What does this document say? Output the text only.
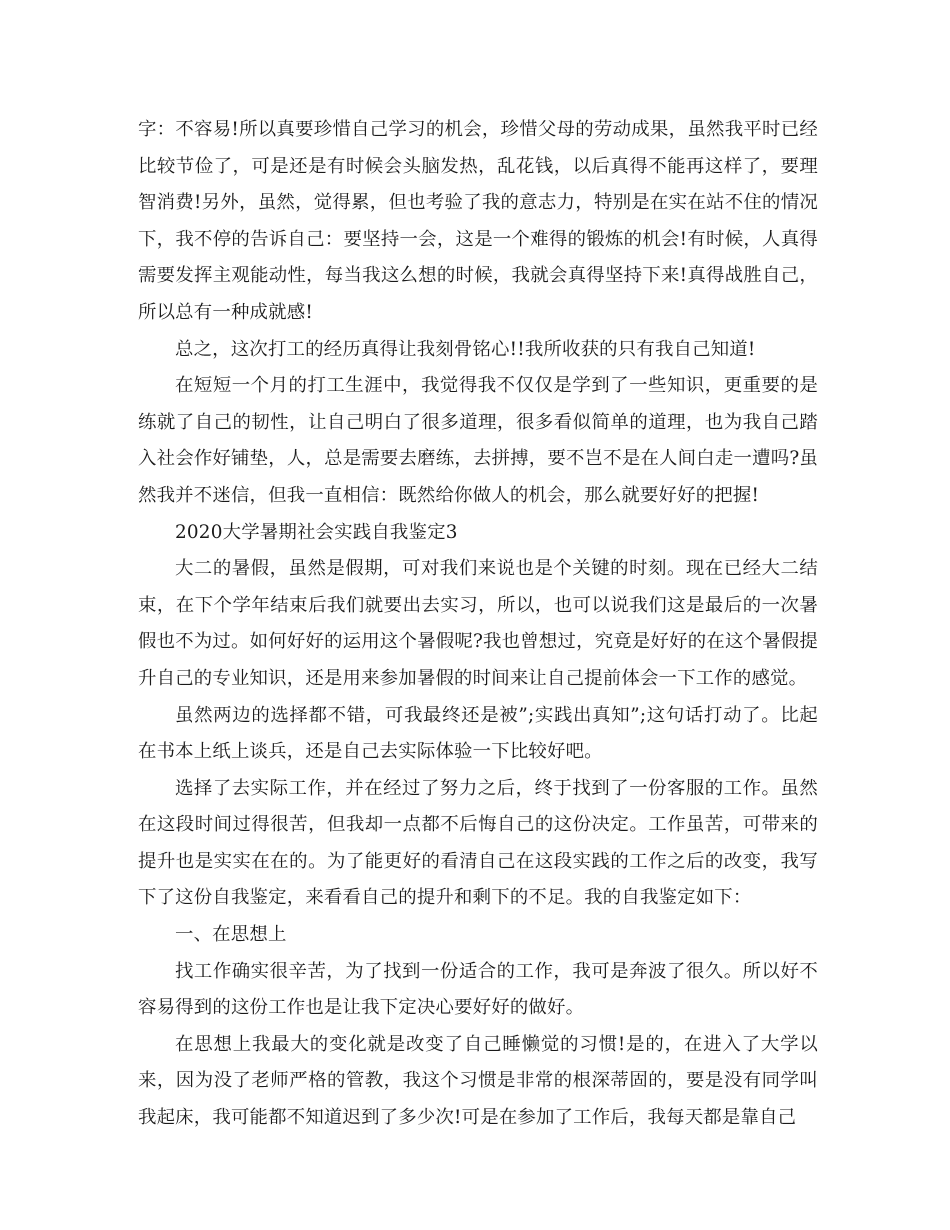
字：不容易!所以真要珍惜自己学习的机会，珍惜父母的劳动成果，虽然我平时已经比较节俭了，可是还是有时候会头脑发热，乱花钱，以后真得不能再这样了，要理智消费!另外，虽然，觉得累，但也考验了我的意志力，特别是在实在站不住的情况下，我不停的告诉自己：要坚持一会，这是一个难得的锻炼的机会!有时候，人真得需要发挥主观能动性，每当我这么想的时候，我就会真得坚持下来!真得战胜自己，所以总有一种成就感!

总之，这次打工的经历真得让我刻骨铭心!!我所收获的只有我自己知道!

在短短一个月的打工生涯中，我觉得我不仅仅是学到了一些知识，更重要的是练就了自己的韧性，让自己明白了很多道理，很多看似简单的道理，也为我自己踏入社会作好铺垫，人，总是需要去磨练，去拼搏，要不岂不是在人间白走一遭吗?虽然我并不迷信，但我一直相信：既然给你做人的机会，那么就要好好的把握!

2020大学暑期社会实践自我鉴定3

大二的暑假，虽然是假期，可对我们来说也是个关键的时刻。现在已经大二结束，在下个学年结束后我们就要出去实习，所以，也可以说我们这是最后的一次暑假也不为过。如何好好的运用这个暑假呢?我也曾想过，究竟是好好的在这个暑假提升自己的专业知识，还是用来参加暑假的时间来让自己提前体会一下工作的感觉。

虽然两边的选择都不错，可我最终还是被”;实践出真知”;这句话打动了。比起在书本上纸上谈兵，还是自己去实际体验一下比较好吧。

选择了去实际工作，并在经过了努力之后，终于找到了一份客服的工作。虽然在这段时间过得很苦，但我却一点都不后悔自己的这份决定。工作虽苦，可带来的提升也是实实在在的。为了能更好的看清自己在这段实践的工作之后的改变，我写下了这份自我鉴定，来看看自己的提升和剩下的不足。我的自我鉴定如下：

一、在思想上

找工作确实很辛苦，为了找到一份适合的工作，我可是奔波了很久。所以好不容易得到的这份工作也是让我下定决心要好好的做好。

在思想上我最大的变化就是改变了自己睡懒觉的习惯!是的，在进入了大学以来，因为没了老师严格的管教，我这个习惯是非常的根深蒂固的，要是没有同学叫我起床，我可能都不知道迟到了多少次!可是在参加了工作后，我每天都是靠自己
